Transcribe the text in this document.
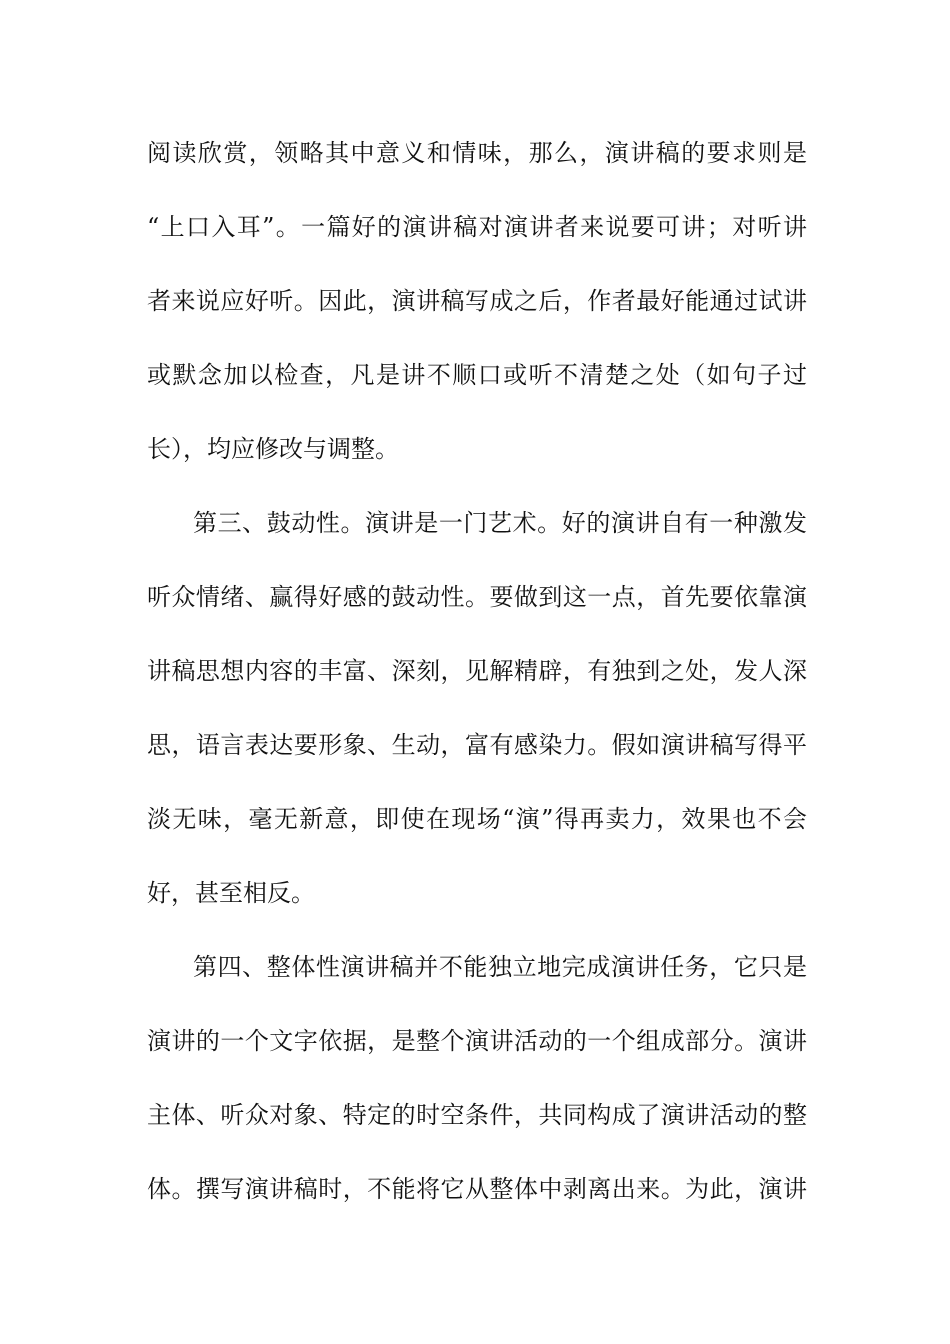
阅读欣赏，领略其中意义和情味，那么，演讲稿的要求则是
“上口入耳”。一篇好的演讲稿对演讲者来说要可讲；对听讲
者来说应好听。因此，演讲稿写成之后，作者最好能通过试讲
或默念加以检查，凡是讲不顺口或听不清楚之处（如句子过
长），均应修改与调整。
第三、鼓动性。演讲是一门艺术。好的演讲自有一种激发
听众情绪、赢得好感的鼓动性。要做到这一点，首先要依靠演
讲稿思想内容的丰富、深刻，见解精辟，有独到之处，发人深
思，语言表达要形象、生动，富有感染力。假如演讲稿写得平
淡无味，毫无新意，即使在现场“演”得再卖力，效果也不会
好，甚至相反。
第四、整体性演讲稿并不能独立地完成演讲任务，它只是
演讲的一个文字依据，是整个演讲活动的一个组成部分。演讲
主体、听众对象、特定的时空条件，共同构成了演讲活动的整
体。撰写演讲稿时，不能将它从整体中剥离出来。为此，演讲
